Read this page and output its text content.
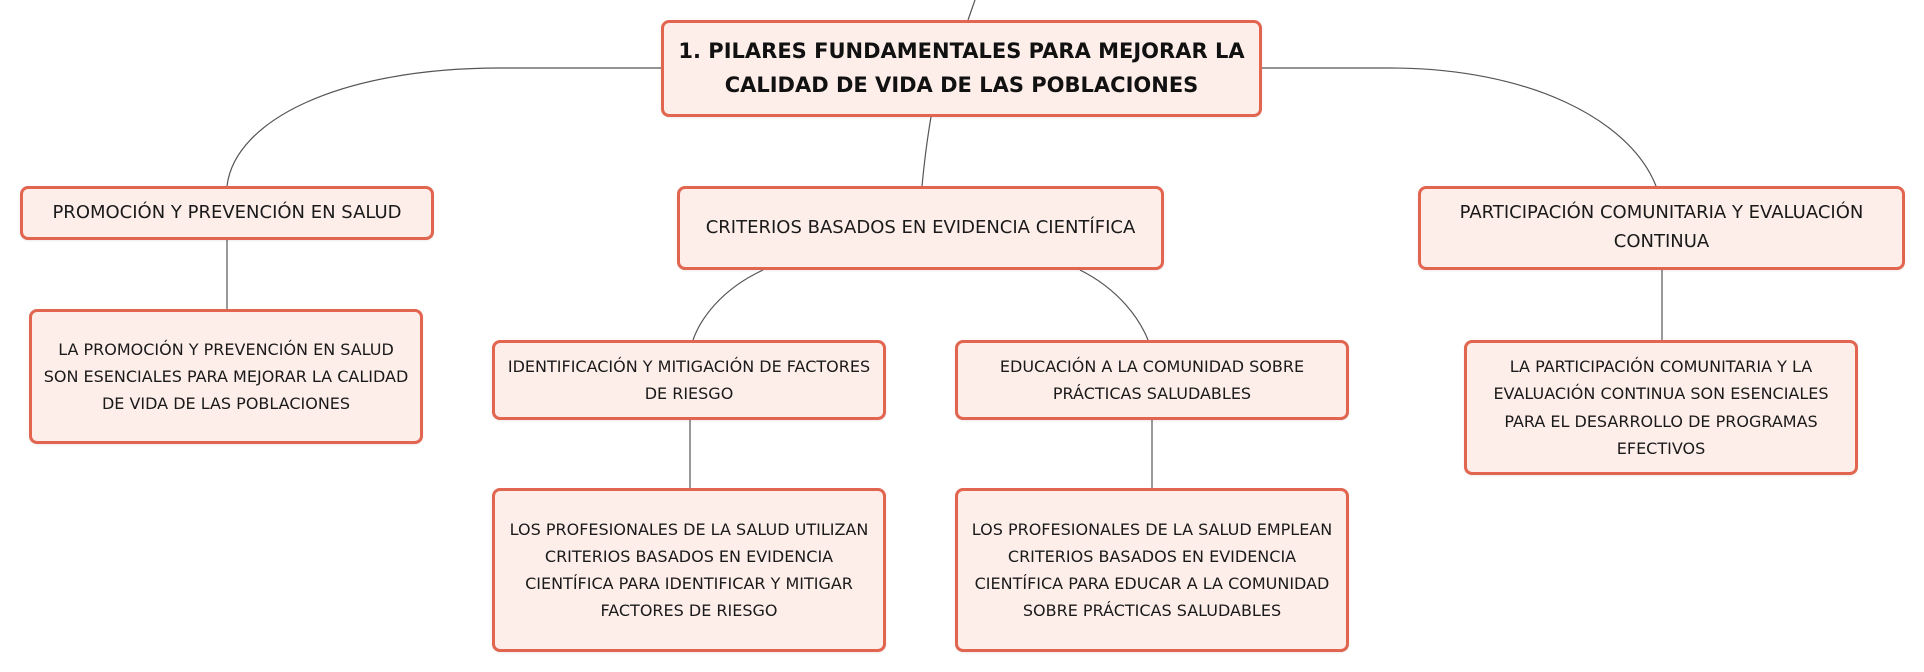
1. PILARES FUNDAMENTALES PARA MEJORAR LA CALIDAD DE VIDA DE LAS POBLACIONES
PROMOCIÓN Y PREVENCIÓN EN SALUD
CRITERIOS BASADOS EN EVIDENCIA CIENTÍFICA
PARTICIPACIÓN COMUNITARIA Y EVALUACIÓN CONTINUA
LA PROMOCIÓN Y PREVENCIÓN EN SALUD SON ESENCIALES PARA MEJORAR LA CALIDAD DE VIDA DE LAS POBLACIONES
IDENTIFICACIÓN Y MITIGACIÓN DE FACTORES DE RIESGO
EDUCACIÓN A LA COMUNIDAD SOBRE PRÁCTICAS SALUDABLES
LA PARTICIPACIÓN COMUNITARIA Y LA EVALUACIÓN CONTINUA SON ESENCIALES PARA EL DESARROLLO DE PROGRAMAS EFECTIVOS
LOS PROFESIONALES DE LA SALUD UTILIZAN CRITERIOS BASADOS EN EVIDENCIA CIENTÍFICA PARA IDENTIFICAR Y MITIGAR FACTORES DE RIESGO
LOS PROFESIONALES DE LA SALUD EMPLEAN CRITERIOS BASADOS EN EVIDENCIA CIENTÍFICA PARA EDUCAR A LA COMUNIDAD SOBRE PRÁCTICAS SALUDABLES
